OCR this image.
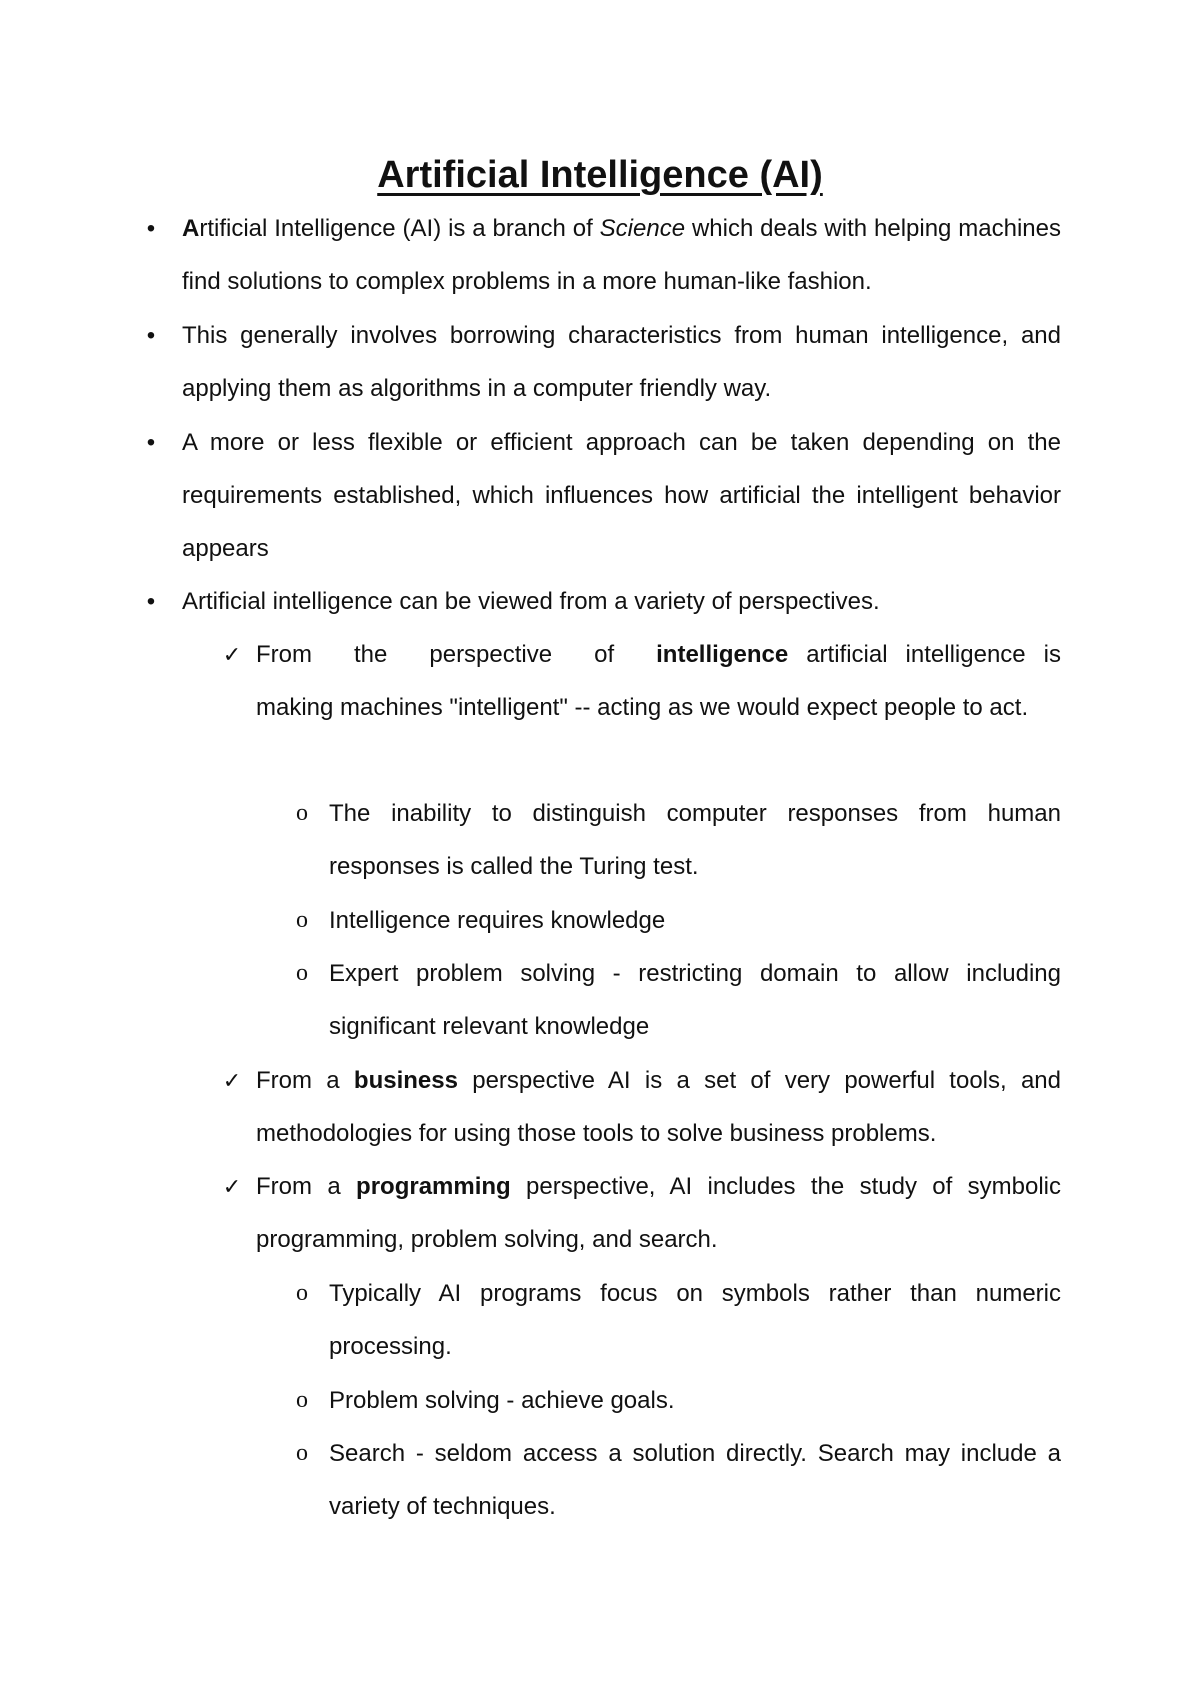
Artificial Intelligence (AI)
•	Artificial Intelligence (AI) is a branch of Science which deals with helping machines find solutions to complex problems in a more human-like fashion.
•	This generally involves borrowing characteristics from human intelligence, and applying them as algorithms in a computer friendly way.
•	A more or less flexible or efficient approach can be taken depending on the requirements established, which influences how artificial the intelligent behavior appears
•	Artificial intelligence can be viewed from a variety of perspectives.
✓ From the perspective of intelligence artificial intelligence is making machines "intelligent" -- acting as we would expect people to act.
o The inability to distinguish computer responses from human responses is called the Turing test.
o Intelligence requires knowledge
o Expert problem solving - restricting domain to allow including significant relevant knowledge
✓ From a business perspective AI is a set of very powerful tools, and methodologies for using those tools to solve business problems.
✓ From a programming perspective, AI includes the study of symbolic programming, problem solving, and search.
o Typically AI programs focus on symbols rather than numeric processing.
o Problem solving - achieve goals.
o Search - seldom access a solution directly. Search may include a variety of techniques.
